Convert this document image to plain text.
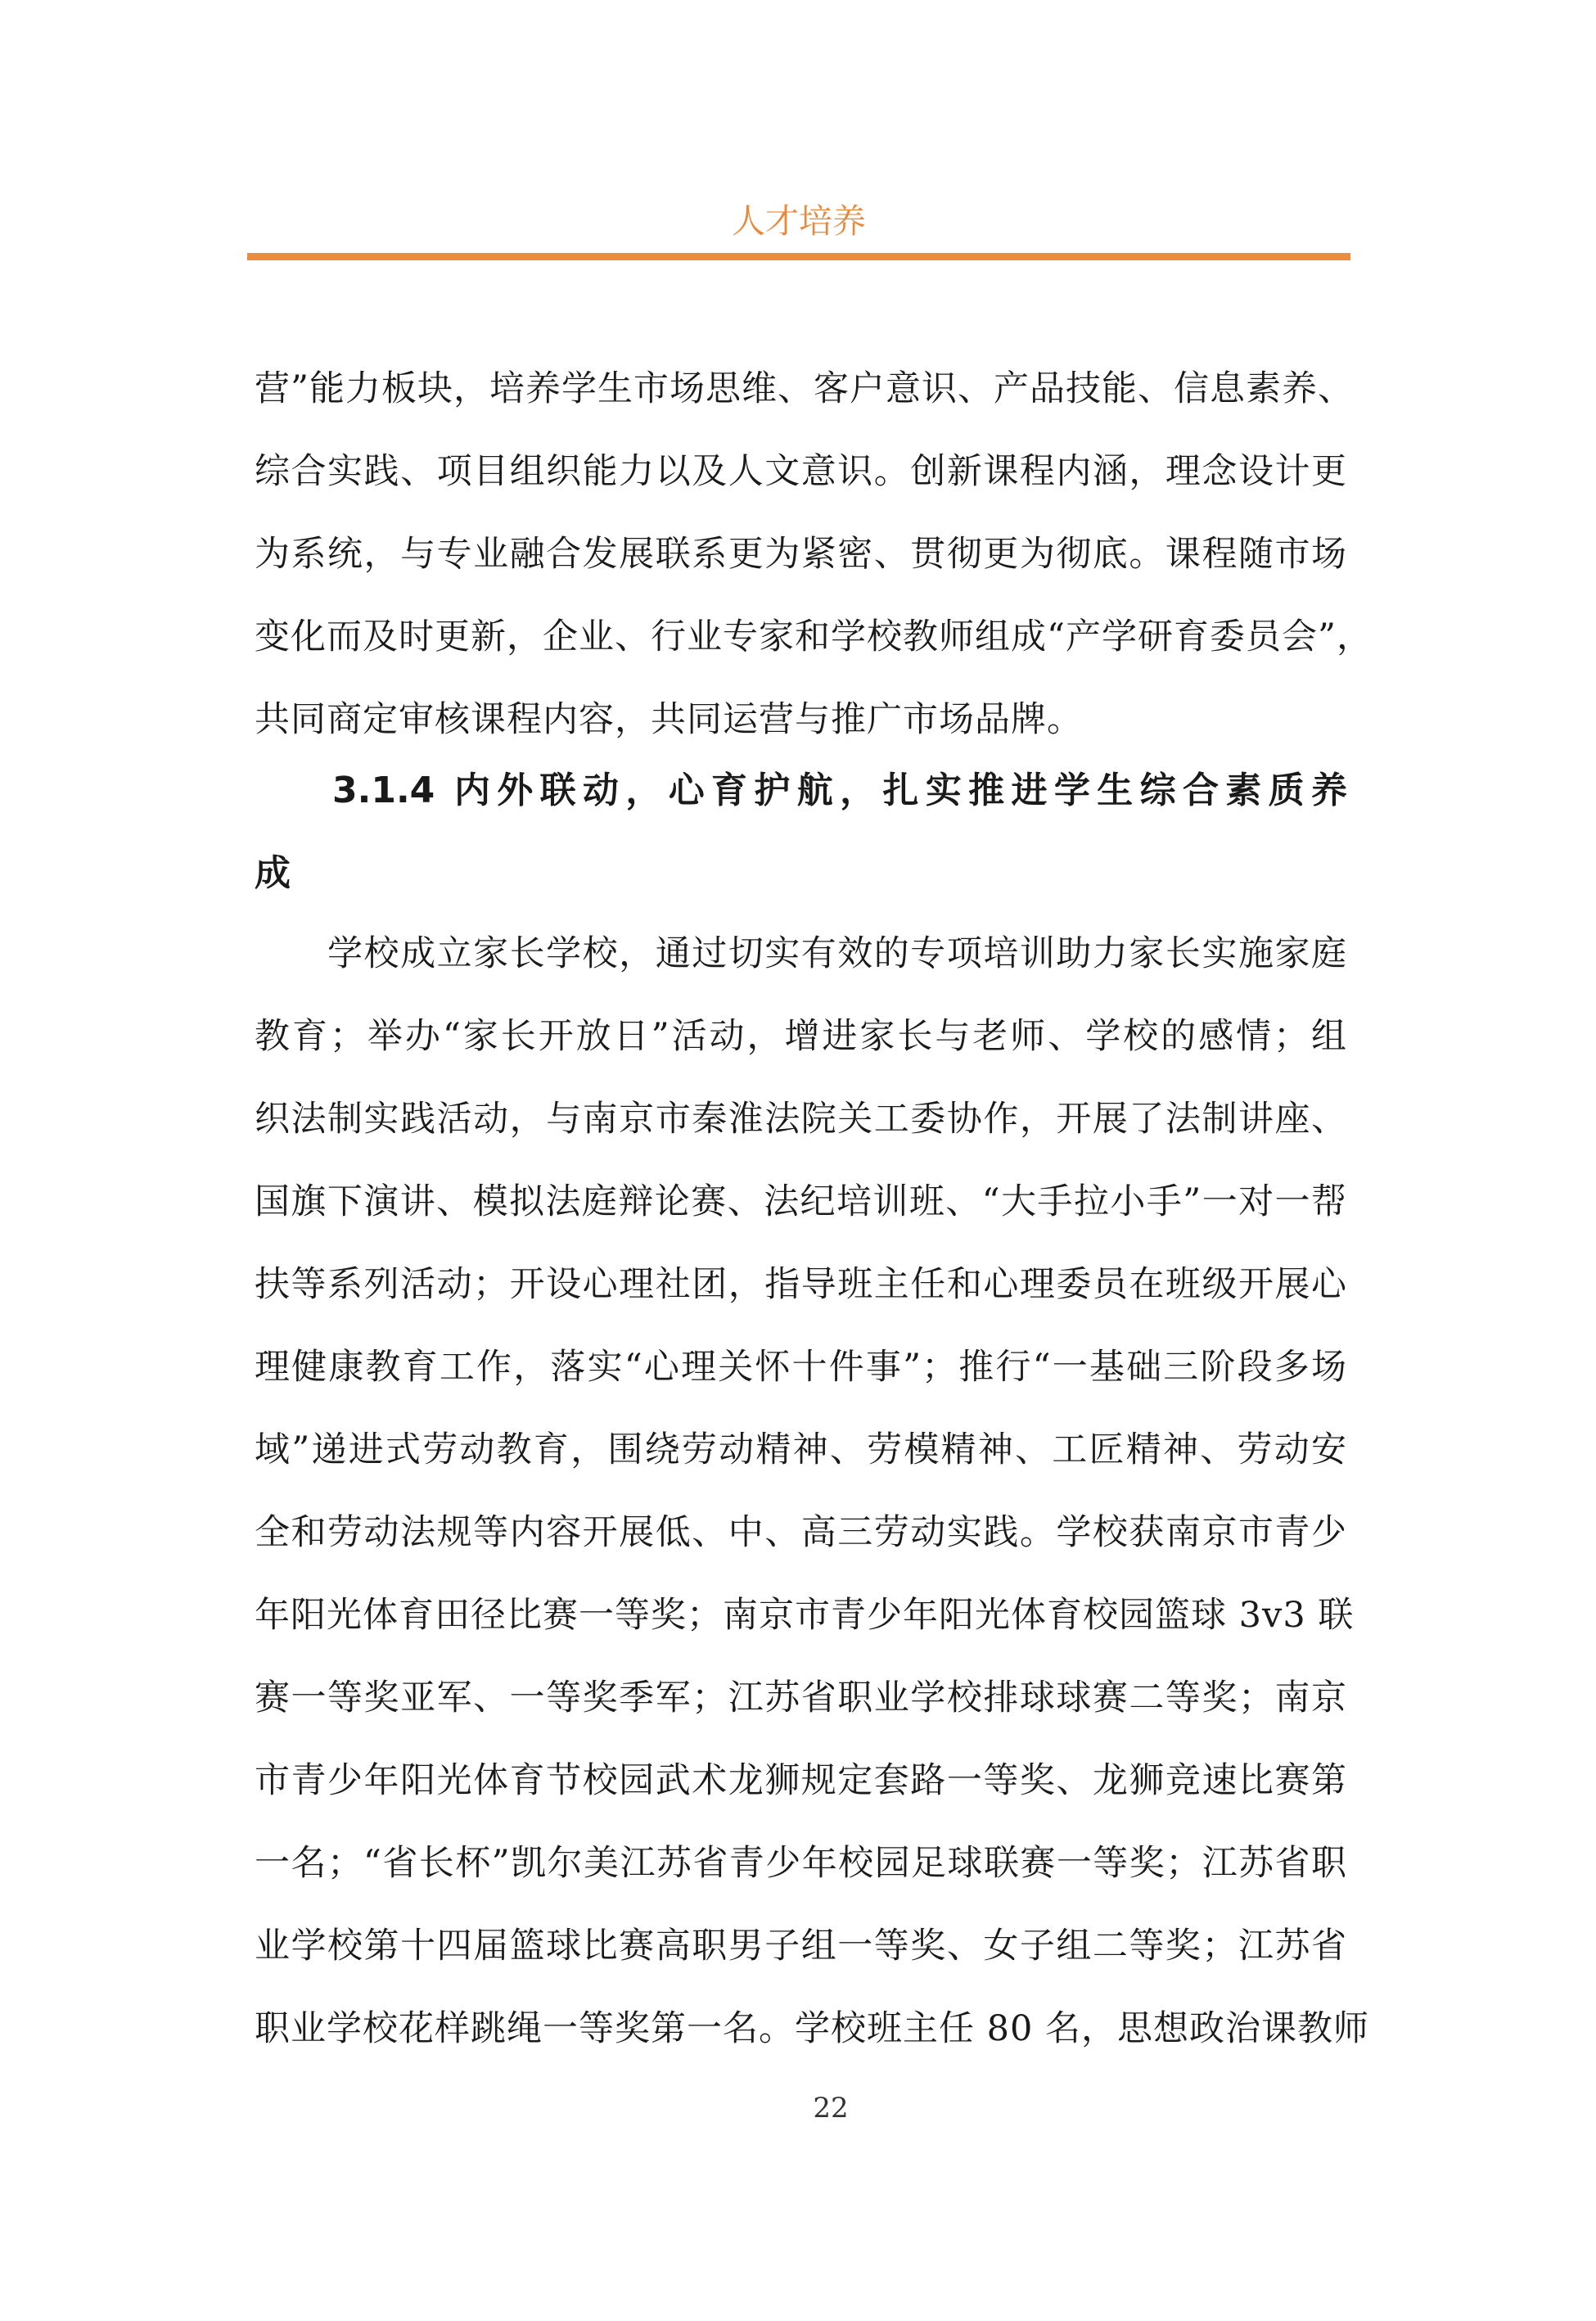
人才培养
营”能力板块，培养学生市场思维、客户意识、产品技能、信息素养、
综合实践、项目组织能力以及人文意识。创新课程内涵，理念设计更
为系统，与专业融合发展联系更为紧密、贯彻更为彻底。课程随市场
变化而及时更新，企业、行业专家和学校教师组成“产学研育委员会”，
共同商定审核课程内容，共同运营与推广市场品牌。
3.1.4 内外联动，心育护航，扎实推进学生综合素质养
成
　　学校成立家长学校，通过切实有效的专项培训助力家长实施家庭
教育；举办“家长开放日”活动，增进家长与老师、学校的感情；组
织法制实践活动，与南京市秦淮法院关工委协作，开展了法制讲座、
国旗下演讲、模拟法庭辩论赛、法纪培训班、“大手拉小手”一对一帮
扶等系列活动；开设心理社团，指导班主任和心理委员在班级开展心
理健康教育工作，落实“心理关怀十件事”；推行“一基础三阶段多场
域”递进式劳动教育，围绕劳动精神、劳模精神、工匠精神、劳动安
全和劳动法规等内容开展低、中、高三劳动实践。学校获南京市青少
年阳光体育田径比赛一等奖；南京市青少年阳光体育校园篮球 3v3 联
赛一等奖亚军、一等奖季军；江苏省职业学校排球球赛二等奖；南京
市青少年阳光体育节校园武术龙狮规定套路一等奖、龙狮竞速比赛第
一名；“省长杯”凯尔美江苏省青少年校园足球联赛一等奖；江苏省职
业学校第十四届篮球比赛高职男子组一等奖、女子组二等奖；江苏省
职业学校花样跳绳一等奖第一名。学校班主任 80 名，思想政治课教师
22
